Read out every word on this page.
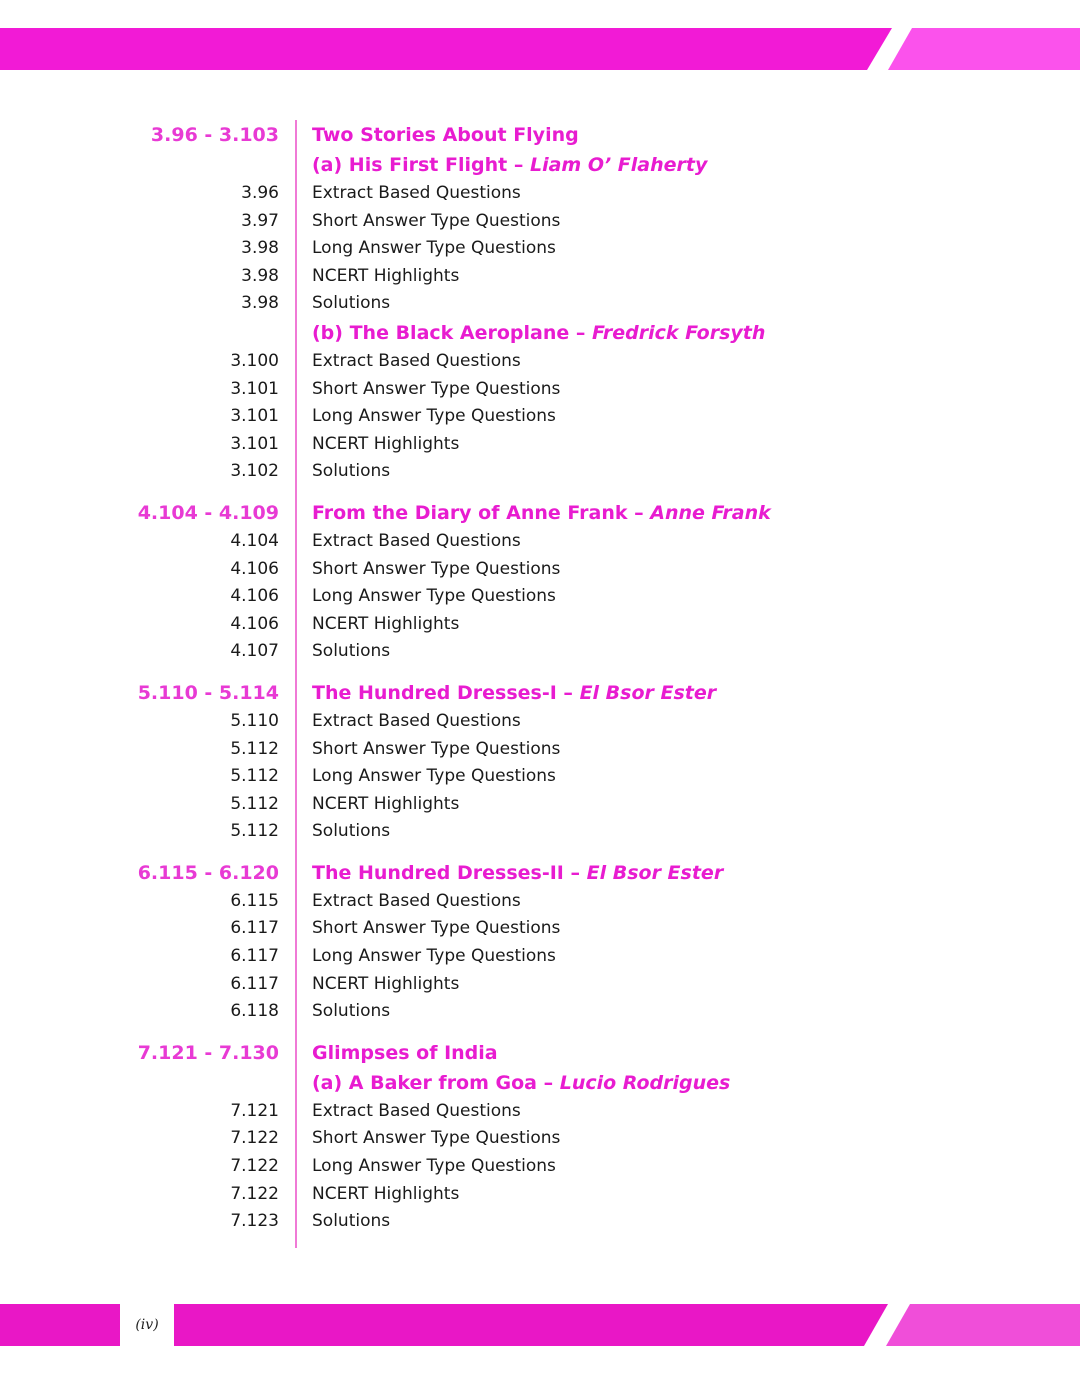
3.96 - 3.103 Two Stories About Flying
(a) His First Flight – Liam O’ Flaherty
3.96 Extract Based Questions
3.97 Short Answer Type Questions
3.98 Long Answer Type Questions
3.98 NCERT Highlights
3.98 Solutions
(b) The Black Aeroplane – Fredrick Forsyth
3.100 Extract Based Questions
3.101 Short Answer Type Questions
3.101 Long Answer Type Questions
3.101 NCERT Highlights
3.102 Solutions
4.104 - 4.109 From the Diary of Anne Frank – Anne Frank
4.104 Extract Based Questions
4.106 Short Answer Type Questions
4.106 Long Answer Type Questions
4.106 NCERT Highlights
4.107 Solutions
5.110 - 5.114 The Hundred Dresses-I – El Bsor Ester
5.110 Extract Based Questions
5.112 Short Answer Type Questions
5.112 Long Answer Type Questions
5.112 NCERT Highlights
5.112 Solutions
6.115 - 6.120 The Hundred Dresses-II – El Bsor Ester
6.115 Extract Based Questions
6.117 Short Answer Type Questions
6.117 Long Answer Type Questions
6.117 NCERT Highlights
6.118 Solutions
7.121 - 7.130 Glimpses of India
(a) A Baker from Goa – Lucio Rodrigues
7.121 Extract Based Questions
7.122 Short Answer Type Questions
7.122 Long Answer Type Questions
7.122 NCERT Highlights
7.123 Solutions
(iv)
